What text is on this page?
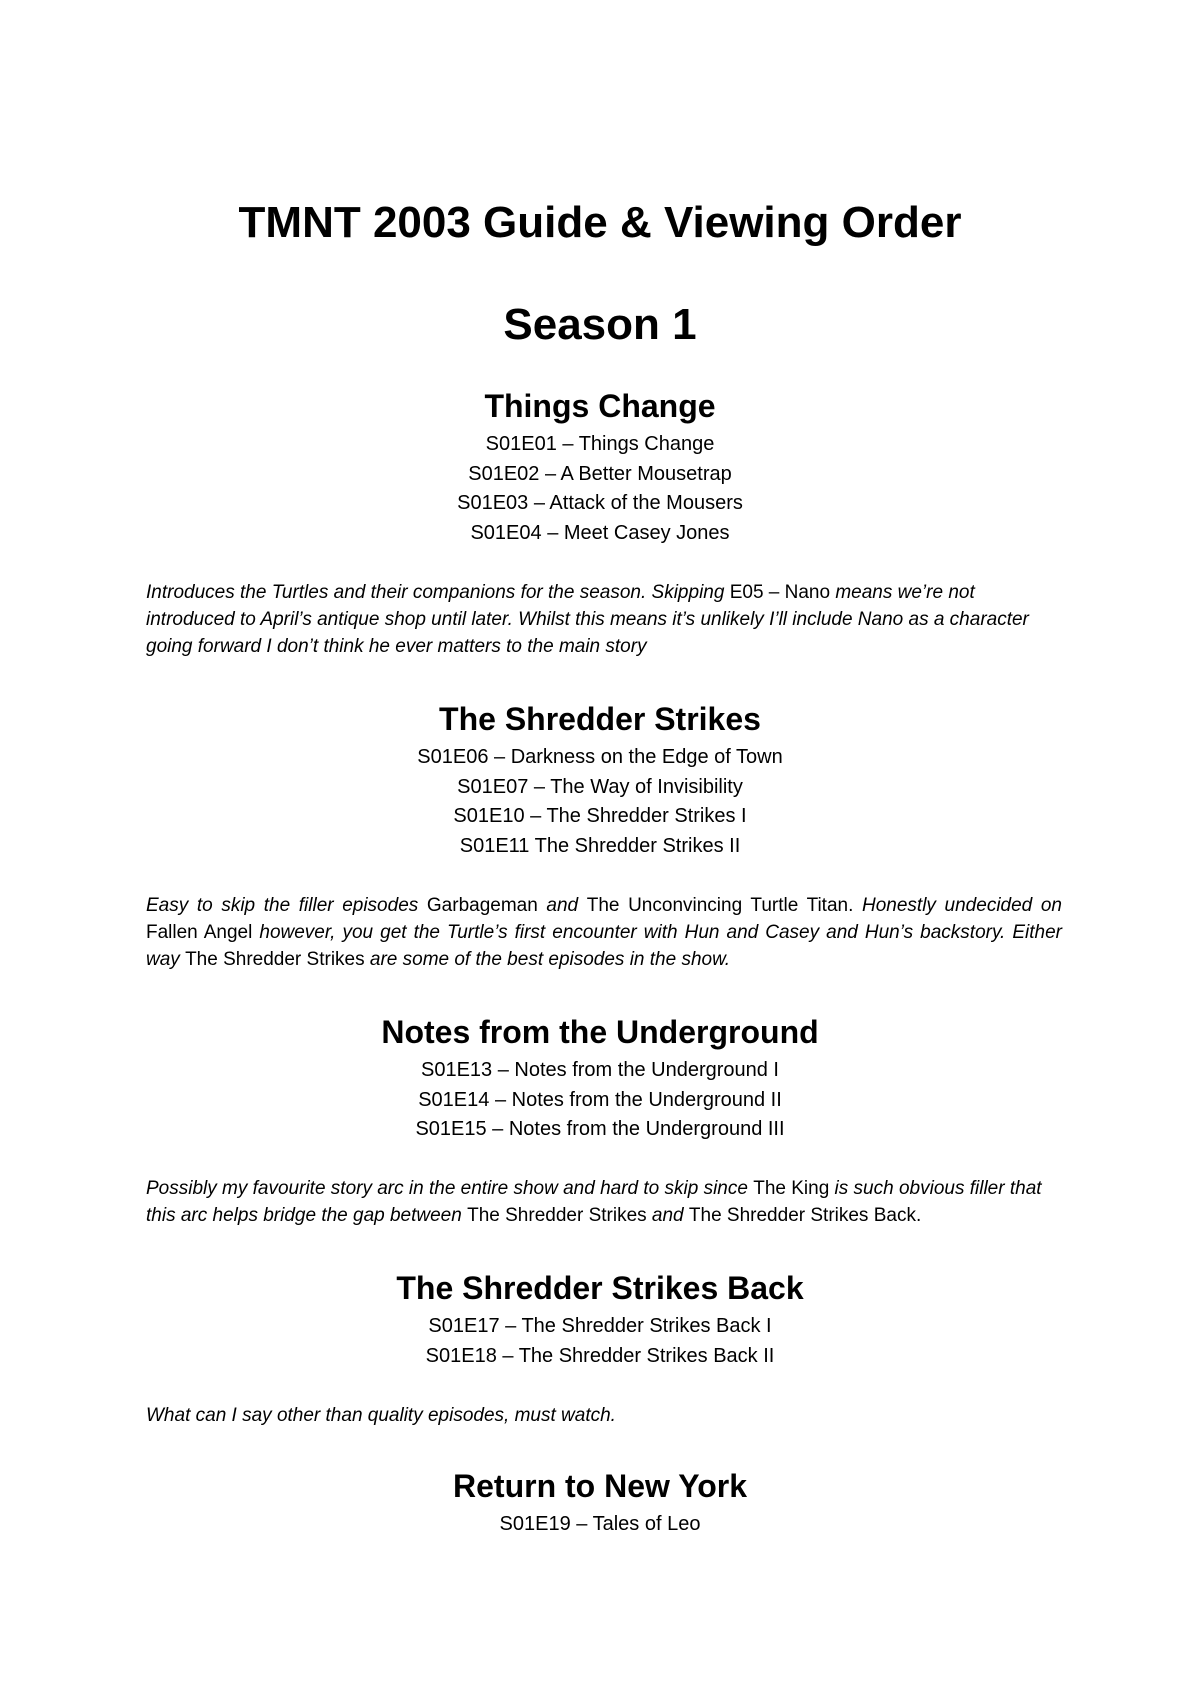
TMNT 2003 Guide & Viewing Order
Season 1
Things Change
S01E01 – Things Change
S01E02 – A Better Mousetrap
S01E03 – Attack of the Mousers
S01E04 – Meet Casey Jones

Introduces the Turtles and their companions for the season. Skipping E05 – Nano means we’re not introduced to April’s antique shop until later. Whilst this means it’s unlikely I’ll include Nano as a character going forward I don’t think he ever matters to the main story

The Shredder Strikes
S01E06 – Darkness on the Edge of Town
S01E07 – The Way of Invisibility
S01E10 – The Shredder Strikes I
S01E11 The Shredder Strikes II

Easy to skip the filler episodes Garbageman and The Unconvincing Turtle Titan. Honestly undecided on Fallen Angel however, you get the Turtle’s first encounter with Hun and Casey and Hun’s backstory. Either way The Shredder Strikes are some of the best episodes in the show.

Notes from the Underground
S01E13 – Notes from the Underground I
S01E14 – Notes from the Underground II
S01E15 – Notes from the Underground III

Possibly my favourite story arc in the entire show and hard to skip since The King is such obvious filler that this arc helps bridge the gap between The Shredder Strikes and The Shredder Strikes Back.

The Shredder Strikes Back
S01E17 – The Shredder Strikes Back I
S01E18 – The Shredder Strikes Back II

What can I say other than quality episodes, must watch.

Return to New York
S01E19 – Tales of Leo
